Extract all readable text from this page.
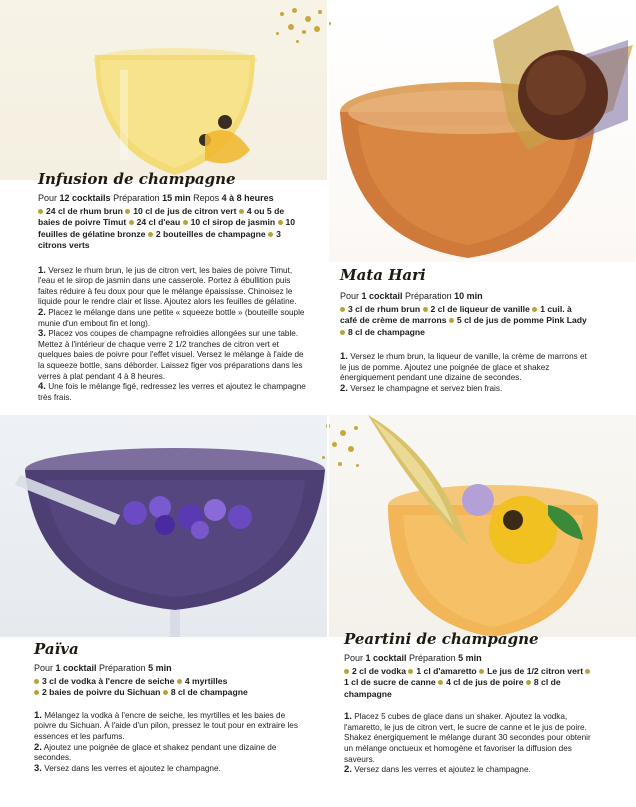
Infusion de champagne
Pour 12 cocktails Préparation 15 min Repos 4 à 8 heures
24 cl de rhum brun 10 cl de jus de citron vert 4 ou 5 de baies de poivre Timut 24 cl d'eau 10 cl sirop de jasmin 10 feuilles de gélatine bronze 2 bouteilles de champagne 3 citrons verts

1. Versez le rhum brun, le jus de citron vert, les baies de poivre Timut, l'eau et le sirop de jasmin dans une casserole. Portez à ébullition puis faites réduire à feu doux pour que le mélange épaississe. Chinoisez le liquide pour le rendre clair et lisse. Ajoutez alors les feuilles de gélatine.

2. Placez le mélange dans une petite « squeeze bottle » (bouteille souple munie d'un embout fin et long).

3. Placez vos coupes de champagne refroidies allongées sur une table. Mettez à l'intérieur de chaque verre 2 1/2 tranches de citron vert et quelques baies de poivre pour l'effet visuel. Versez le mélange à l'aide de la squeeze bottle, sans déborder. Laissez figer vos préparations dans les verres à plat pendant 4 à 8 heures.

4. Une fois le mélange figé, redressez les verres et ajoutez le champagne très frais.

Mata Hari
Pour 1 cocktail Préparation 10 min
3 cl de rhum brun 2 cl de liqueur de vanille 1 cuil. à café de crème de marrons 5 cl de jus de pomme Pink Lady 8 cl de champagne

1. Versez le rhum brun, la liqueur de vanille, la crème de marrons et le jus de pomme. Ajoutez une poignée de glace et shakez énergiquement pendant une dizaine de secondes.

2. Versez le champagne et servez bien frais.

Païva
Pour 1 cocktail Préparation 5 min
3 cl de vodka à l'encre de seiche 4 myrtilles
2 baies de poivre du Sichuan 8 cl de champagne

1. Mélangez la vodka à l'encre de seiche, les myrtilles et les baies de poivre du Sichuan. À l'aide d'un pilon, pressez le tout pour en extraire les essences et les parfums.

2. Ajoutez une poignée de glace et shakez pendant une dizaine de secondes.

3. Versez dans les verres et ajoutez le champagne.

Peartini de champagne
Pour 1 cocktail Préparation 5 min
2 cl de vodka 1 cl d'amaretto Le jus de 1/2 citron vert 1 cl de sucre de canne 4 cl de jus de poire 8 cl de champagne

1. Placez 5 cubes de glace dans un shaker. Ajoutez la vodka, l'amaretto, le jus de citron vert, le sucre de canne et le jus de poire. Shakez énergiquement le mélange durant 30 secondes pour obtenir un mélange onctueux et homogène et favoriser la diffusion des saveurs.

2. Versez dans les verres et ajoutez le champagne.
